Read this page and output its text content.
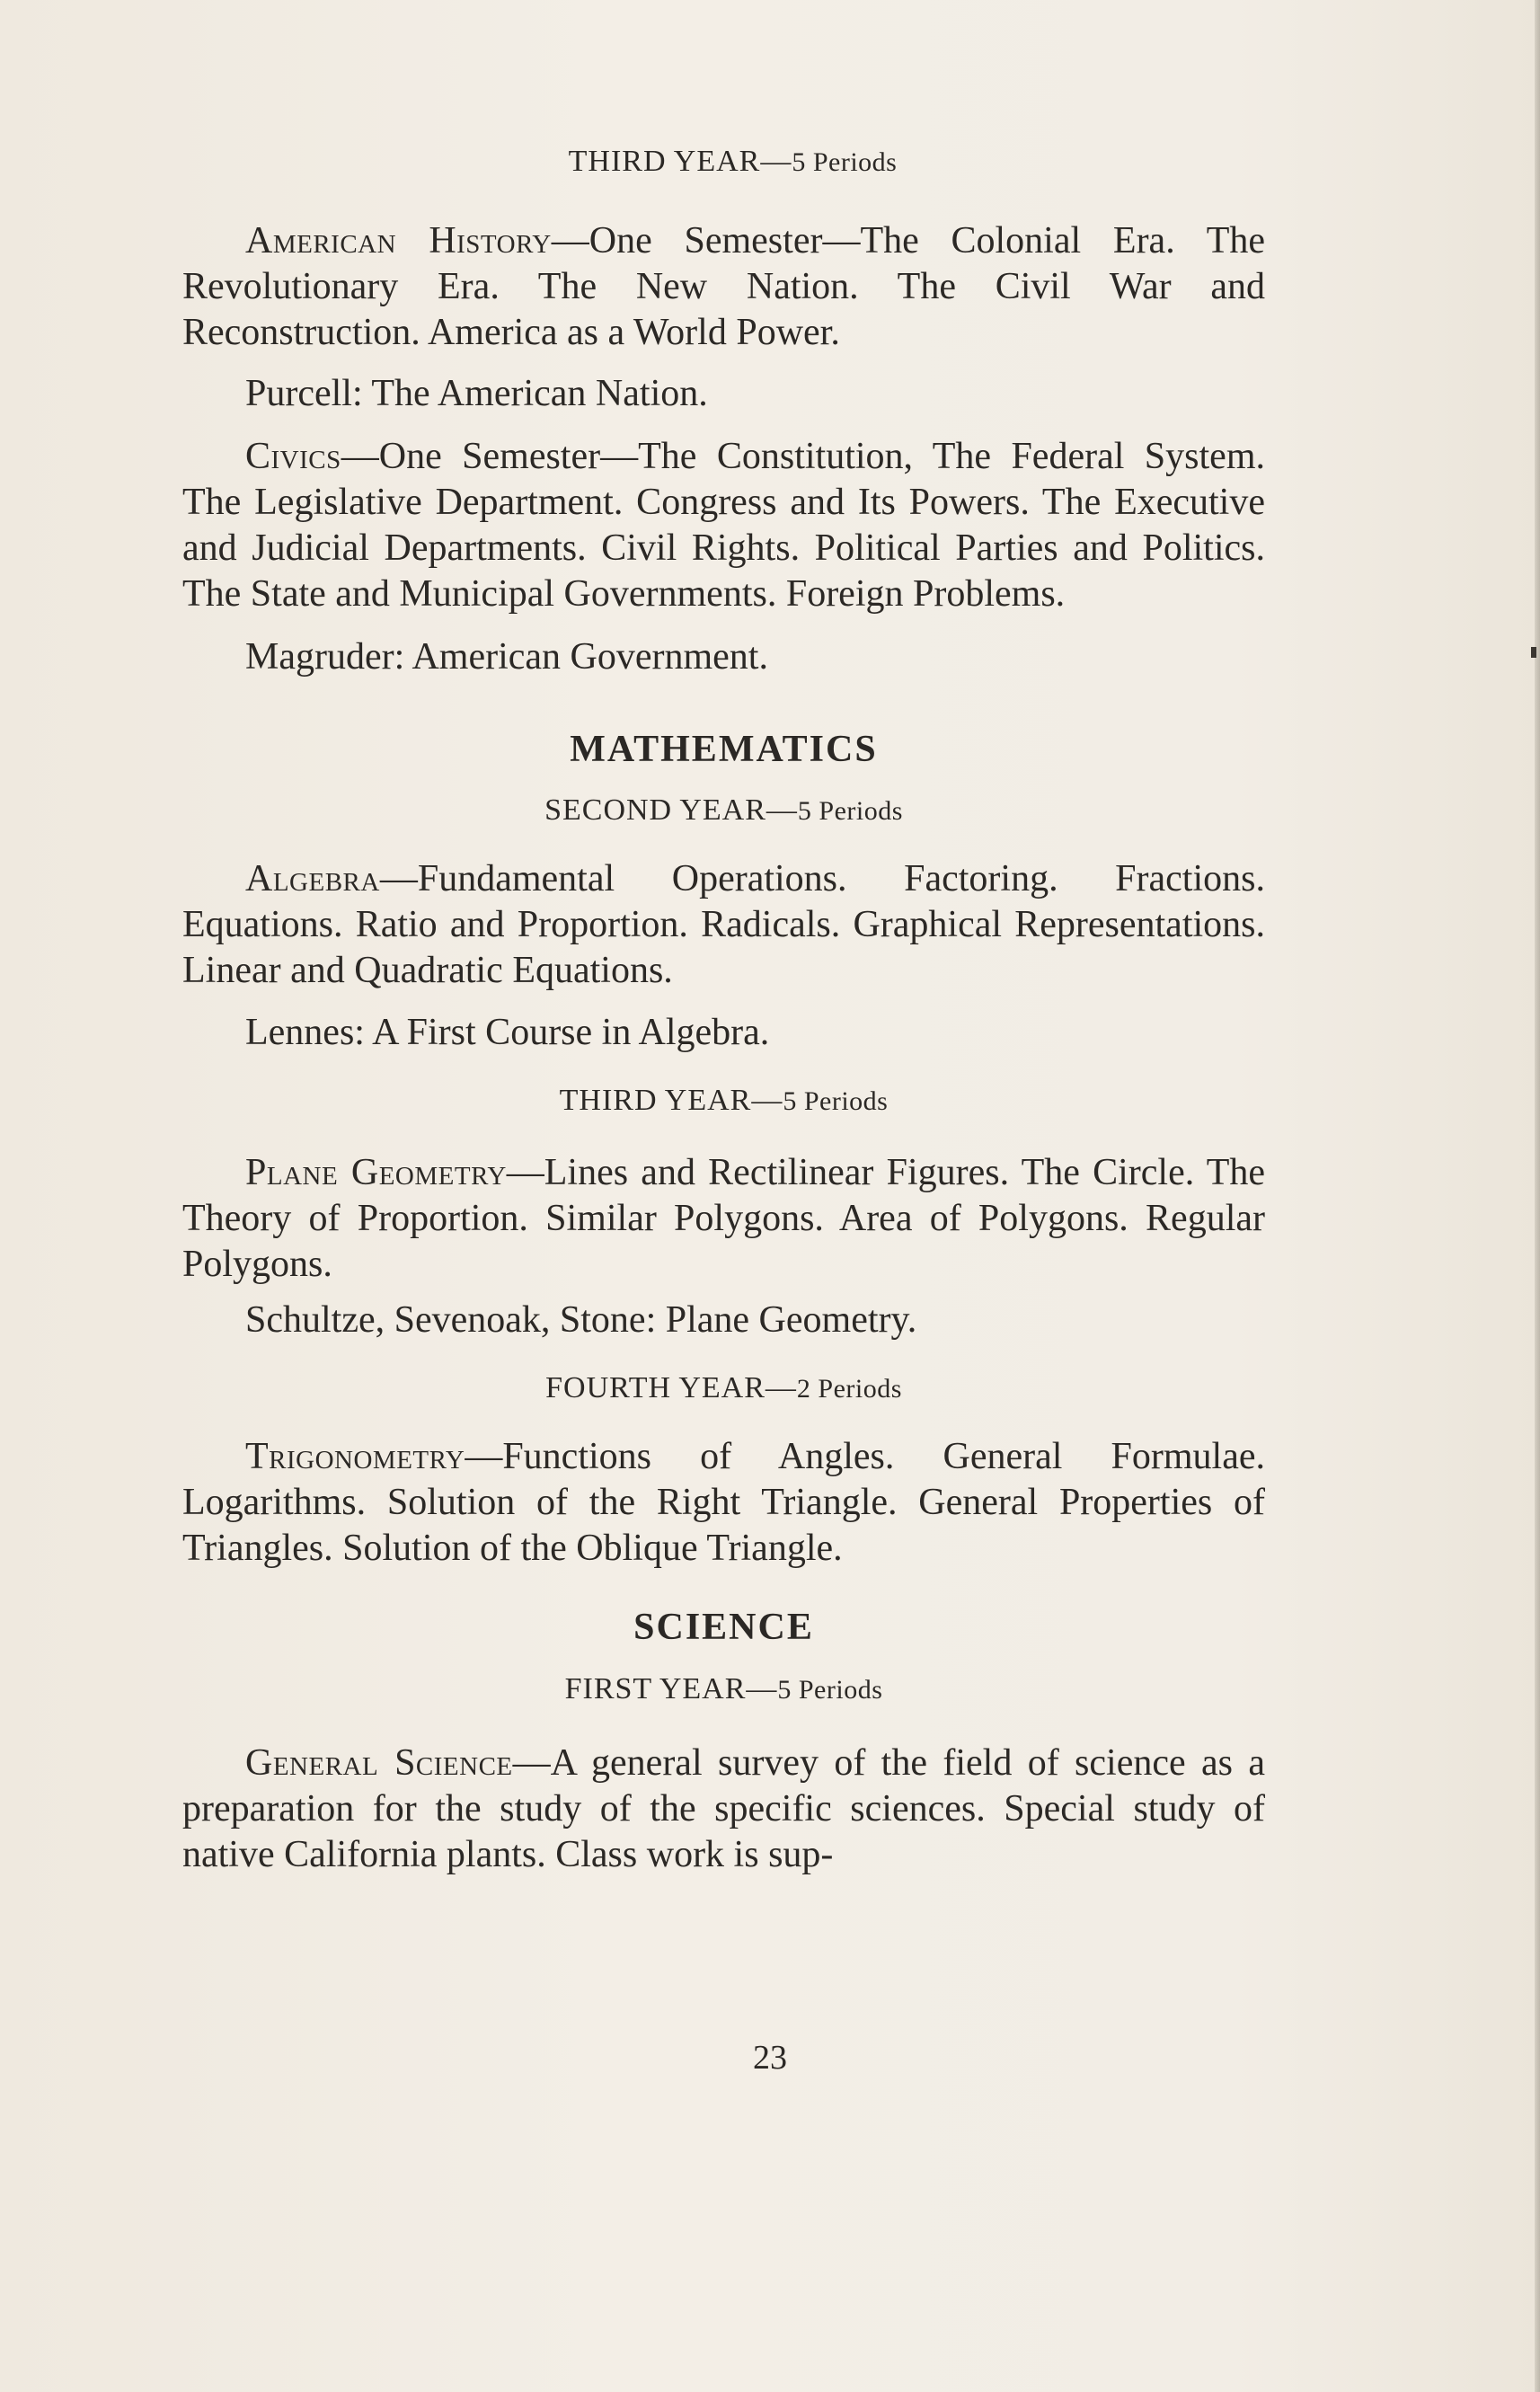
THIRD YEAR—5 Periods

American History—One Semester—The Colonial Era. The Revolutionary Era. The New Nation. The Civil War and Reconstruction. America as a World Power.

Purcell: The American Nation.

Civics—One Semester—The Constitution, The Federal System. The Legislative Department. Congress and Its Powers. The Executive and Judicial Departments. Civil Rights. Political Parties and Politics. The State and Municipal Governments. Foreign Problems.

Magruder: American Government.

MATHEMATICS

SECOND YEAR—5 Periods

Algebra—Fundamental Operations. Factoring. Fractions. Equations. Ratio and Proportion. Radicals. Graphical Representations. Linear and Quadratic Equations.

Lennes: A First Course in Algebra.

THIRD YEAR—5 Periods

Plane Geometry—Lines and Rectilinear Figures. The Circle. The Theory of Proportion. Similar Polygons. Area of Polygons. Regular Polygons.

Schultze, Sevenoak, Stone: Plane Geometry.

FOURTH YEAR—2 Periods

Trigonometry—Functions of Angles. General Formulae. Logarithms. Solution of the Right Triangle. General Properties of Triangles. Solution of the Oblique Triangle.

SCIENCE

FIRST YEAR—5 Periods

General Science—A general survey of the field of science as a preparation for the study of the specific sciences. Special study of native California plants. Class work is sup-

23
